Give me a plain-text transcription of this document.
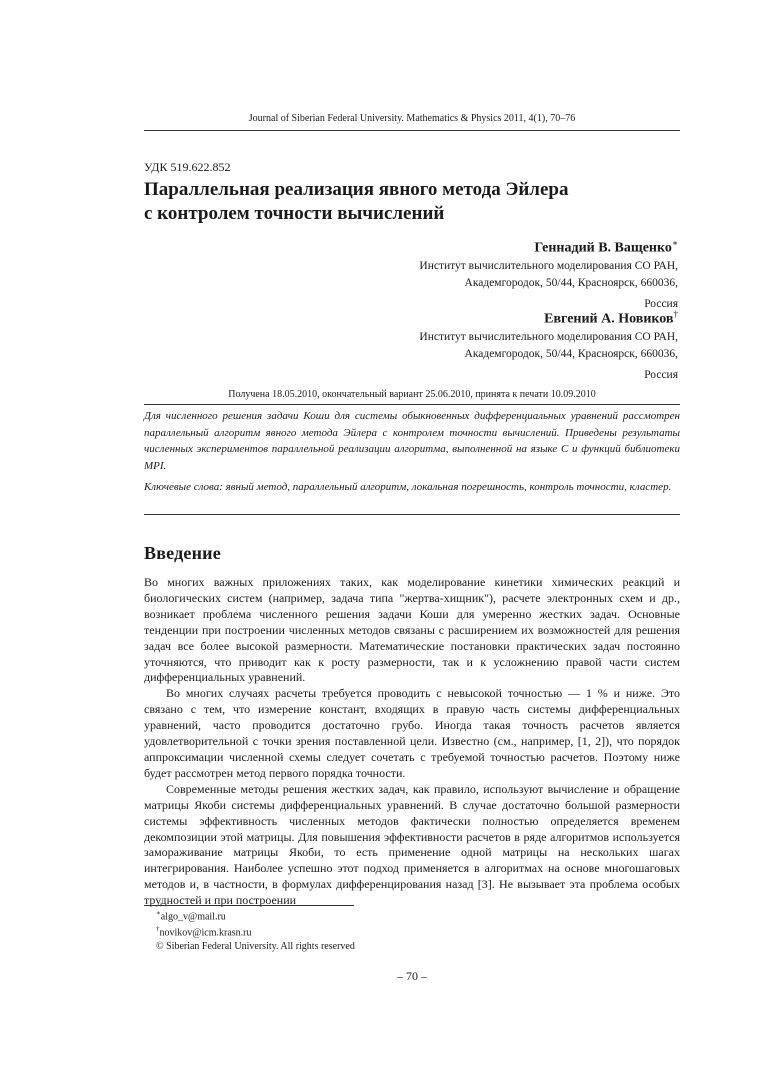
Journal of Siberian Federal University. Mathematics & Physics 2011, 4(1), 70–76
УДК 519.622.852
Параллельная реализация явного метода Эйлера
с контролем точности вычислений
Геннадий В. Ващенко∗
Институт вычислительного моделирования СО РАН,
Академгородок, 50/44, Красноярск, 660036,
Россия
Евгений А. Новиков†
Институт вычислительного моделирования СО РАН,
Академгородок, 50/44, Красноярск, 660036,
Россия
Получена 18.05.2010, окончательный вариант 25.06.2010, принята к печати 10.09.2010

Для численного решения задачи Коши для системы обыкновенных дифференциальных уравнений рассмотрен параллельный алгоритм явного метода Эйлера с контролем точности вычислений. Приведены результаты численных экспериментов параллельной реализации алгоритма, выполненной на языке C и функций библиотеки MPI.

Ключевые слова: явный метод, параллельный алгоритм, локальная погрешность, контроль точности, кластер.

Введение

Во многих важных приложениях таких, как моделирование кинетики химических реакций и биологических систем (например, задача типа "жертва-хищник"), расчете электронных схем и др., возникает проблема численного решения задачи Коши для умеренно жестких задач. Основные тенденции при построении численных методов связаны с расширением их возможностей для решения задач все более высокой размерности. Математические постановки практических задач постоянно уточняются, что приводит как к росту размерности, так и к усложнению правой части систем дифференциальных уравнений.

Во многих случаях расчеты требуется проводить с невысокой точностью — 1 % и ниже. Это связано с тем, что измерение констант, входящих в правую часть системы дифференциальных уравнений, часто проводится достаточно грубо. Иногда такая точность расчетов является удовлетворительной с точки зрения поставленной цели. Известно (см., например, [1, 2]), что порядок аппроксимации численной схемы следует сочетать с требуемой точностью расчетов. Поэтому ниже будет рассмотрен метод первого порядка точности.

Современные методы решения жестких задач, как правило, используют вычисление и обращение матрицы Якоби системы дифференциальных уравнений. В случае достаточно большой размерности системы эффективность численных методов фактически полностью определяется временем декомпозиции этой матрицы. Для повышения эффективности расчетов в ряде алгоритмов используется замораживание матрицы Якоби, то есть применение одной матрицы на нескольких шагах интегрирования. Наиболее успешно этот подход применяется в алгоритмах на основе многошаговых методов и, в частности, в формулах дифференцирования назад [3]. Не вызывает эта проблема особых трудностей и при построении

∗algo_v@mail.ru
†novikov@icm.krasn.ru
© Siberian Federal University. All rights reserved
– 70 –
